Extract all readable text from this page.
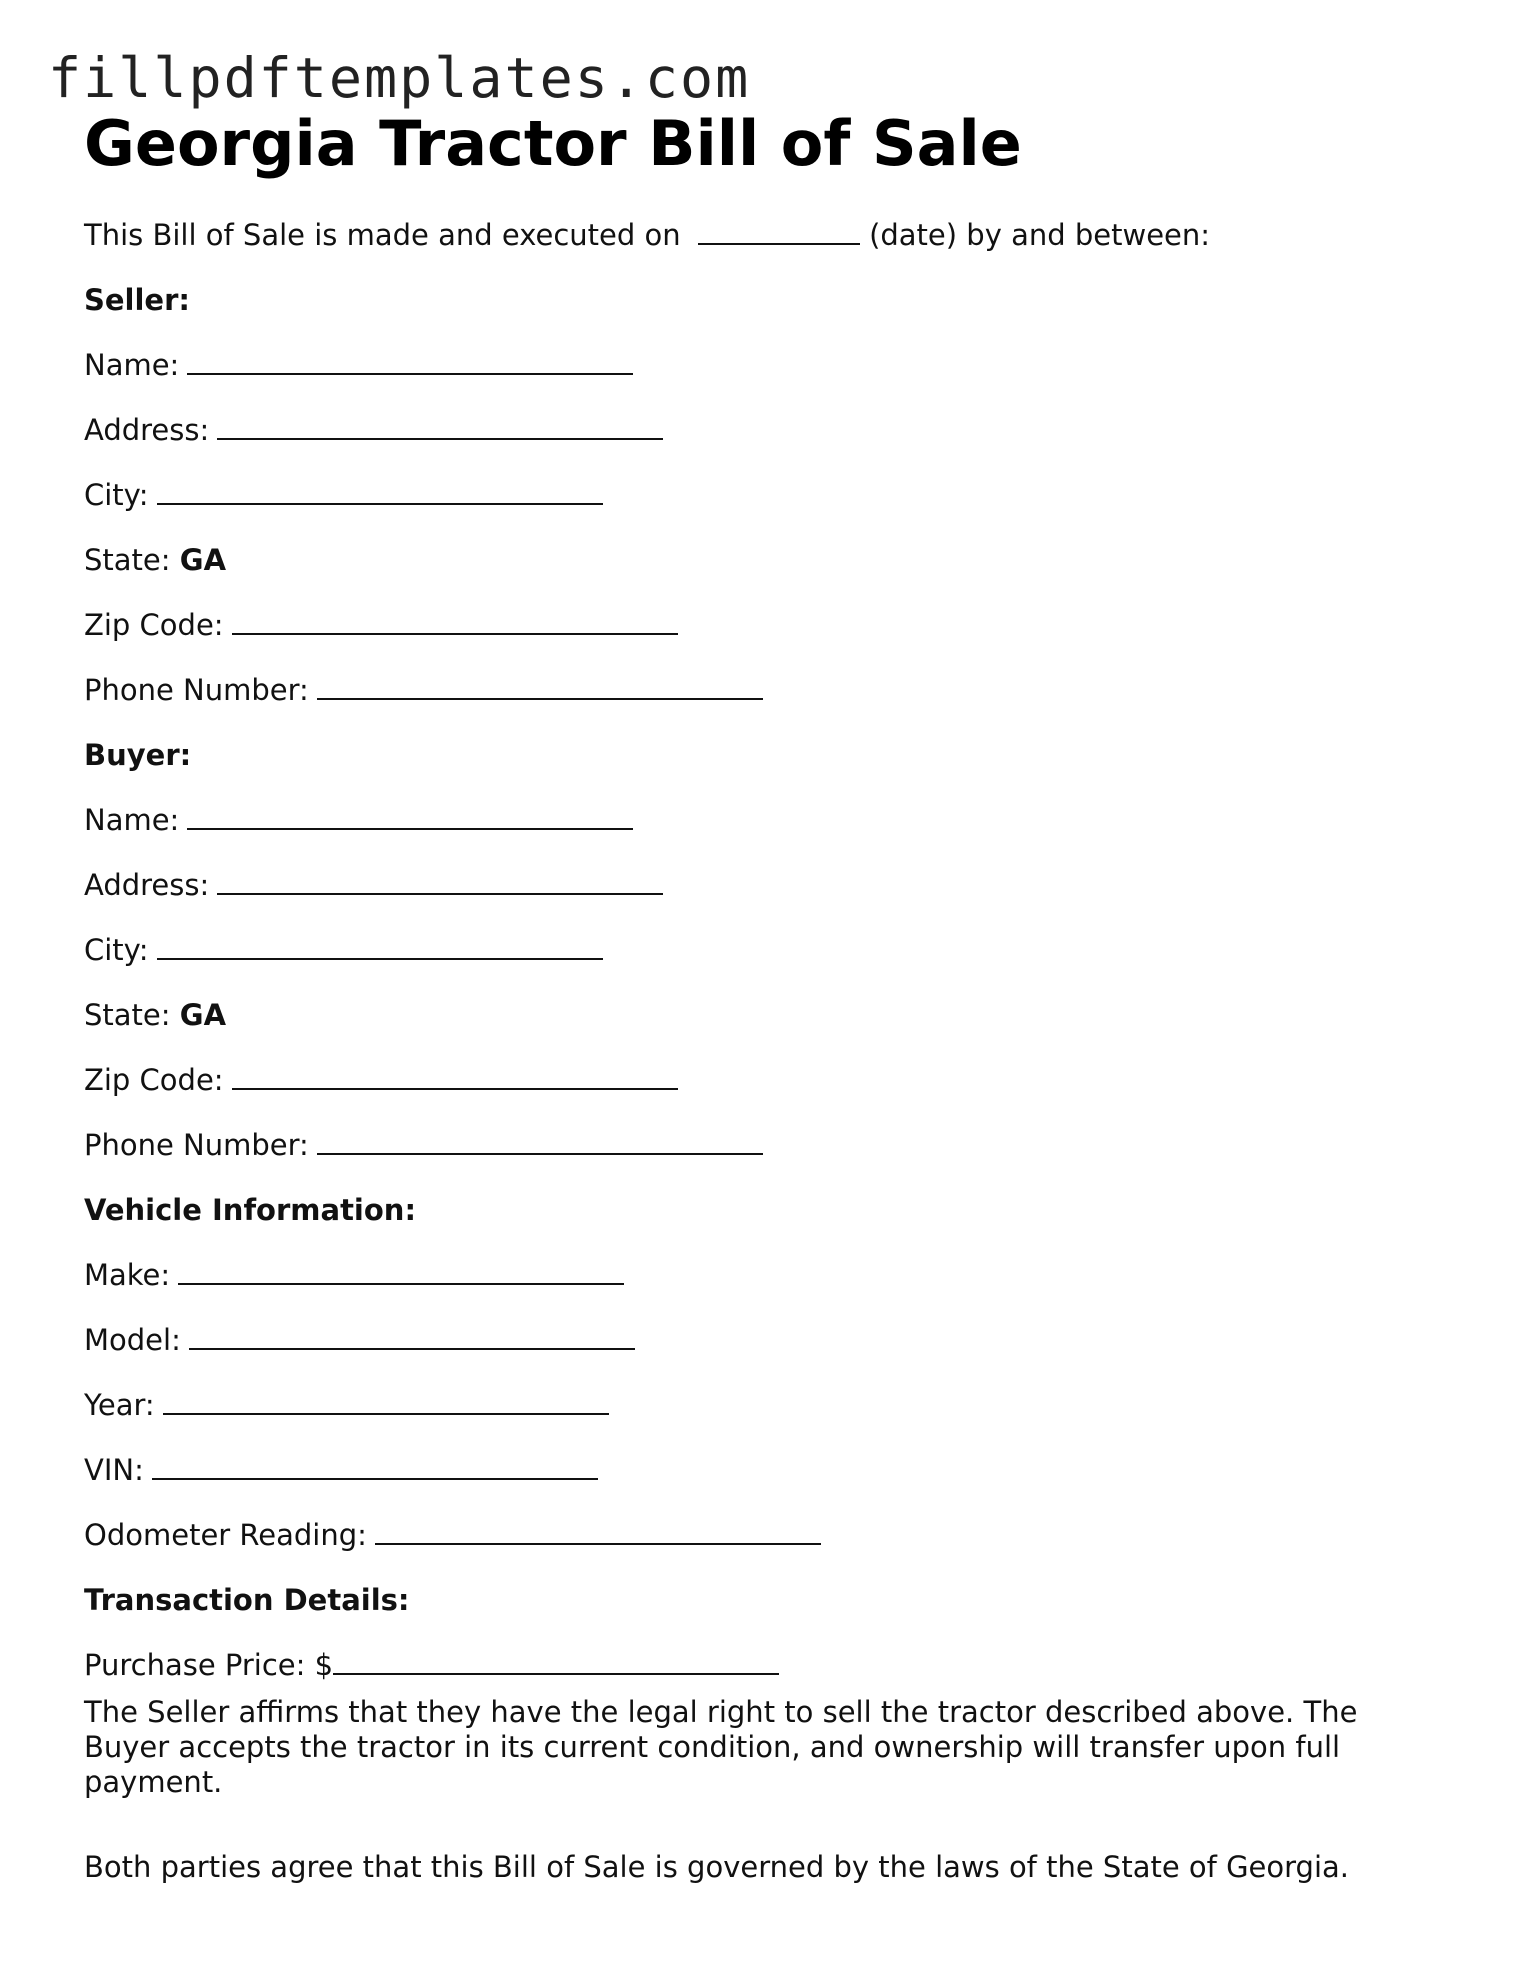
fillpdftemplates.com
Georgia Tractor Bill of Sale
This Bill of Sale is made and executed on	(date) by and between:
Seller:
Name:
Address:
City:
State: GA
Zip Code:
Phone Number:
Buyer:
Name:
Address:
City:
State: GA
Zip Code:
Phone Number:
Vehicle Information:
Make:
Model:
Year:
VIN:
Odometer Reading:
Transaction Details:
Purchase Price: $

The Seller affirms that they have the legal right to sell the tractor described above. The Buyer accepts the tractor in its current condition, and ownership will transfer upon full payment.

Both parties agree that this Bill of Sale is governed by the laws of the State of Georgia.
